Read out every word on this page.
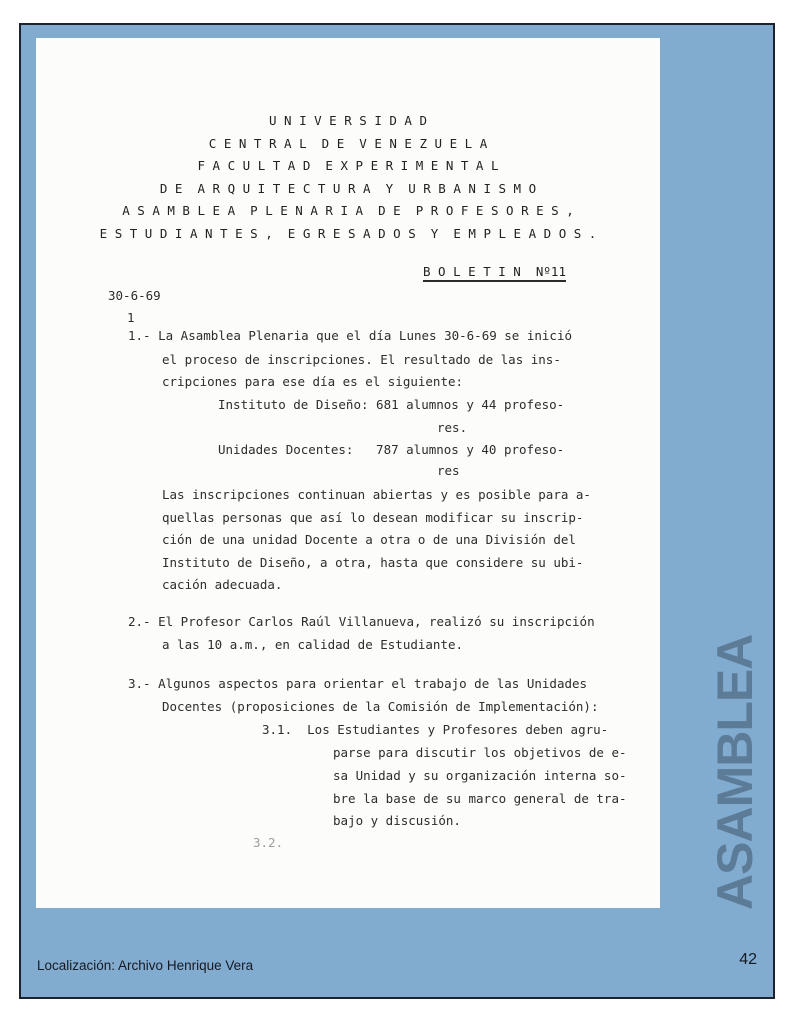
U N I V E R S I D A D
C E N T R A L  D E  V E N E Z U E L A
F A C U L T A D  E X P E R I M E N T A L
D E  A R Q U I T E C T U R A  Y  U R B A N I S M O
A S A M B L E A  P L E N A R I A  D E  P R O F E S O R E S ,
E S T U D I A N T E S ,  E G R E S A D O S  Y  E M P L E A D O S .
B O L E T I N  Nº11
30-6-69
1
1.- La Asamblea Plenaria que el día Lunes 30-6-69 se inició
el proceso de inscripciones. El resultado de las ins-
cripciones para ese día es el siguiente:
Instituto de Diseño: 681 alumnos y 44 profeso-
res.
Unidades Docentes:   787 alumnos y 40 profeso-
res
Las inscripciones continuan abiertas y es posible para a-
quellas personas que así lo desean modificar su inscrip-
ción de una unidad Docente a otra o de una División del
Instituto de Diseño, a otra, hasta que considere su ubi-
cación adecuada.
2.- El Profesor Carlos Raúl Villanueva, realizó su inscripción
a las 10 a.m., en calidad de Estudiante.
3.- Algunos aspectos para orientar el trabajo de las Unidades
Docentes (proposiciones de la Comisión de Implementación):
3.1.  Los Estudiantes y Profesores deben agru-
parse para discutir los objetivos de e-
sa Unidad y su organización interna so-
bre la base de su marco general de tra-
bajo y discusión.
3.2.	ASAMBLEA
Localización: Archivo Henrique Vera	42
